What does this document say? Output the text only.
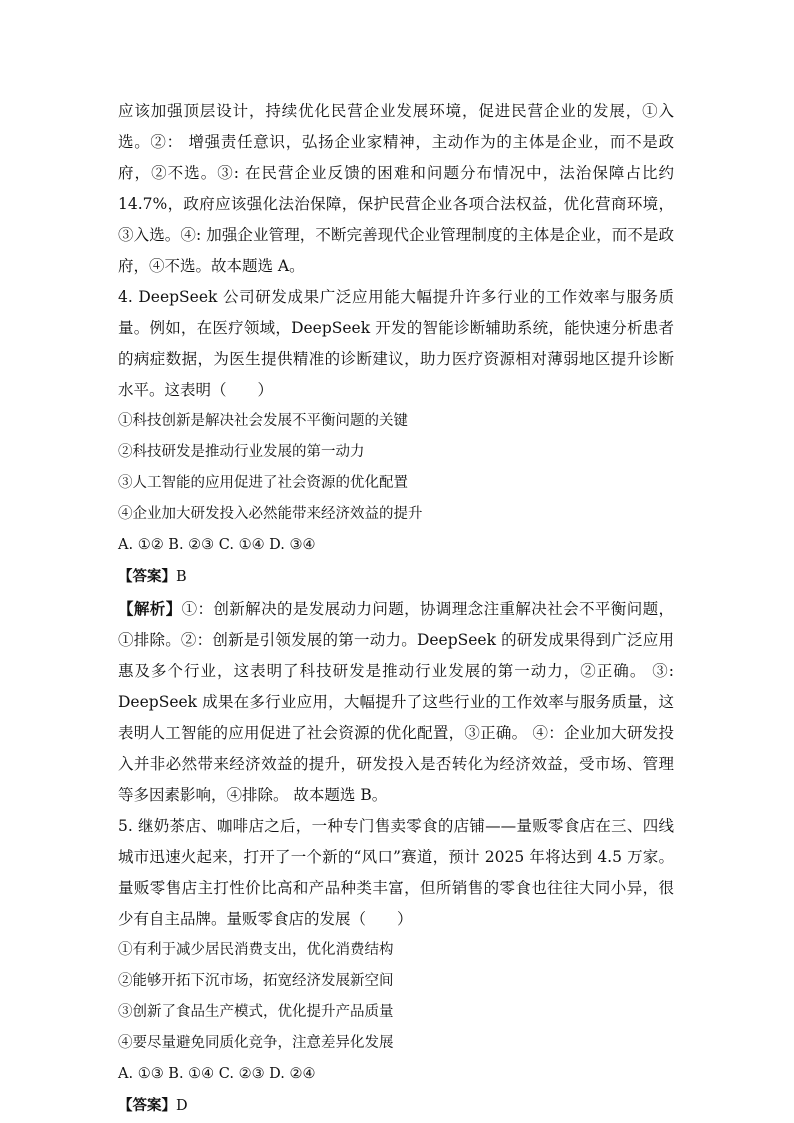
应该加强顶层设计，持续优化民营企业发展环境，促进民营企业的发展，①入选。②： 增强责任意识，弘扬企业家精神，主动作为的主体是企业，而不是政府，②不选。③: 在民营企业反馈的困难和问题分布情况中，法治保障占比约 14.7%，政府应该强化法治保障，保护民营企业各项合法权益，优化营商环境，③入选。④: 加强企业管理，不断完善现代企业管理制度的主体是企业，而不是政府，④不选。故本题选 A。

4. DeepSeek 公司研发成果广泛应用能大幅提升许多行业的工作效率与服务质量。例如，在医疗领域，DeepSeek 开发的智能诊断辅助系统，能快速分析患者的病症数据，为医生提供精准的诊断建议，助力医疗资源相对薄弱地区提升诊断水平。这表明（　　）

①科技创新是解决社会发展不平衡问题的关键

②科技研发是推动行业发展的第一动力

③人工智能的应用促进了社会资源的优化配置

④企业加大研发投入必然能带来经济效益的提升

A. ①② B. ②③ C. ①④ D. ③④

【答案】B

【解析】①：创新解决的是发展动力问题，协调理念注重解决社会不平衡问题，①排除。②：创新是引领发展的第一动力。DeepSeek 的研发成果得到广泛应用惠及多个行业，这表明了科技研发是推动行业发展的第一动力，②正确。 ③: DeepSeek 成果在多行业应用，大幅提升了这些行业的工作效率与服务质量，这表明人工智能的应用促进了社会资源的优化配置，③正确。 ④：企业加大研发投入并非必然带来经济效益的提升，研发投入是否转化为经济效益，受市场、管理等多因素影响，④排除。 故本题选 B。

5. 继奶茶店、咖啡店之后，一种专门售卖零食的店铺——量贩零食店在三、四线城市迅速火起来，打开了一个新的“风口”赛道，预计 2025 年将达到 4.5 万家。量贩零售店主打性价比高和产品种类丰富，但所销售的零食也往往大同小异，很少有自主品牌。量贩零食店的发展（　　）

①有利于减少居民消费支出，优化消费结构

②能够开拓下沉市场，拓宽经济发展新空间

③创新了食品生产模式，优化提升产品质量

④要尽量避免同质化竞争，注意差异化发展

A. ①③ B. ①④ C. ②③ D. ②④

【答案】D
